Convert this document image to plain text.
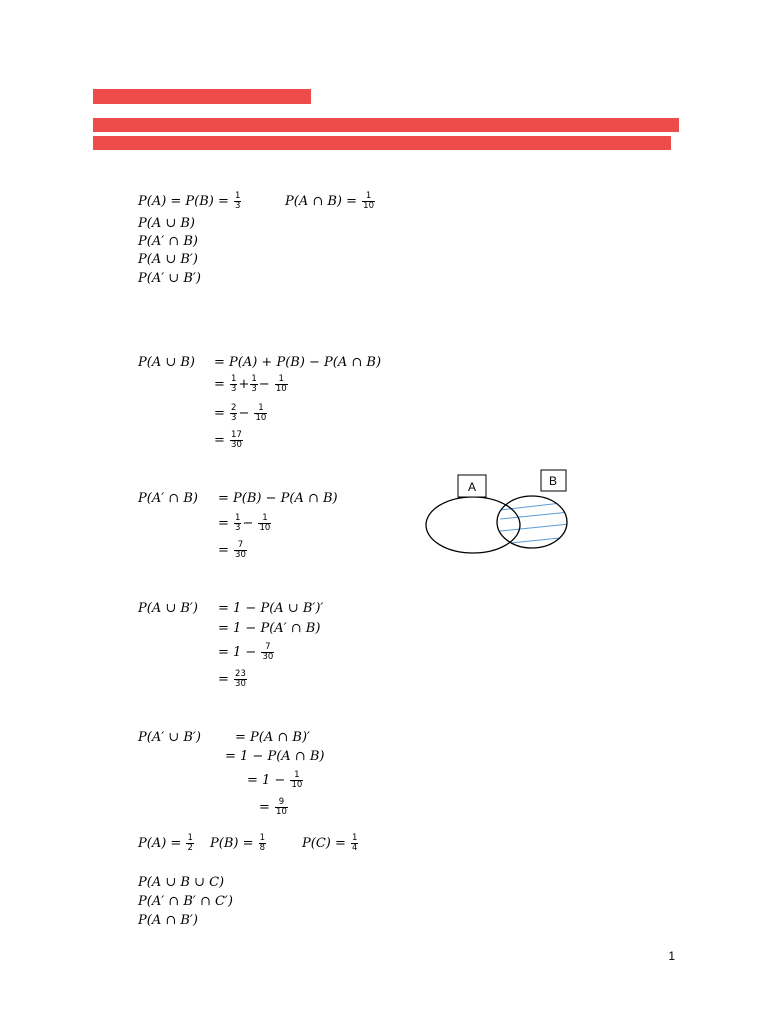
$P(A) = P(B) = \frac{1}{3}$	P(A ∩ $B) = \frac{1}{10}$
P(A ∪ B)
P(A′ ∩ B)
P(A ∪ B′)
P(A′ ∪ B′)
P(A ∪ B) = P(A) + P(B) − P(A ∩ B)
= $\frac{1}{3} + \frac{1}{3} - \frac{1}{10}$
= $\frac{2}{3} - \frac{1}{10}$
= $\frac{17}{30}$
P(A′ ∩ B) = P(B) − P(A ∩ B)
= $\frac{1}{3} - \frac{1}{10}$
= $\frac{7}{30}$
A	B
P(A ∪ B′) = 1 − P(A ∪ B′)′
= 1 − P(A′ ∩ B)
= $1 - \frac{7}{30}$
= $\frac{23}{30}$
P(A′ ∪ B′)	= P(A ∩ B)′
= 1 − P(A ∩ B)
= $1 - \frac{1}{10}$
= $\frac{9}{10}$
$P(A) = \frac{1}{2} P(B) = \frac{1}{8}$	$P(C) = \frac{1}{4}$
P(A ∪ B ∪ C)
P(A′ ∩ B′ ∩ C′)
P(A ∩ B′)
1
